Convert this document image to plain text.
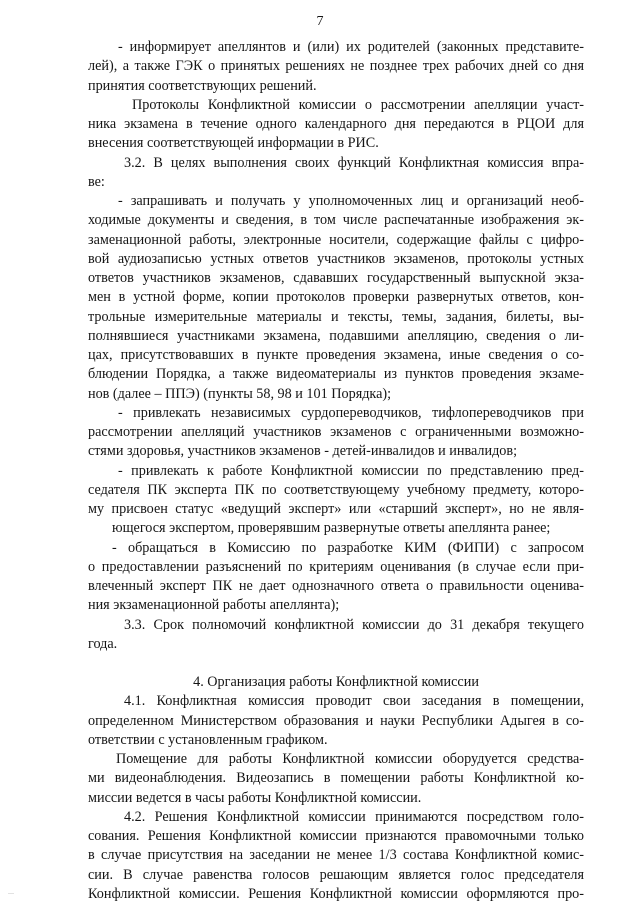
7
- информирует апеллянтов и (или) их родителей (законных представите-
лей), а также ГЭК о принятых решениях не позднее трех рабочих дней со дня
принятия соответствующих решений.
Протоколы Конфликтной комиссии о рассмотрении апелляции участ-
ника экзамена в течение одного календарного дня передаются в РЦОИ для
внесения соответствующей информации в РИС.
3.2. В целях выполнения своих функций Конфликтная комиссия впра-
ве:
- запрашивать и получать у уполномоченных лиц и организаций необ-
ходимые документы и сведения, в том числе распечатанные изображения эк-
заменационной работы, электронные носители, содержащие файлы с цифро-
вой аудиозаписью устных ответов участников экзаменов, протоколы устных
ответов участников экзаменов, сдававших государственный выпускной экза-
мен в устной форме, копии протоколов проверки развернутых ответов, кон-
трольные измерительные материалы и тексты, темы, задания, билеты, вы-
полнявшиеся участниками экзамена, подавшими апелляцию, сведения о ли-
цах, присутствовавших в пункте проведения экзамена, иные сведения о со-
блюдении Порядка, а также видеоматериалы из пунктов проведения экзаме-
нов (далее – ППЭ) (пункты 58, 98 и 101 Порядка);
- привлекать независимых сурдопереводчиков, тифлопереводчиков при
рассмотрении апелляций участников экзаменов с ограниченными возможно-
стями здоровья, участников экзаменов - детей-инвалидов и инвалидов;
- привлекать к работе Конфликтной комиссии по представлению пред-
седателя ПК эксперта ПК по соответствующему учебному предмету, которо-
му присвоен статус «ведущий эксперт» или «старший эксперт», но не явля-
ющегося экспертом, проверявшим развернутые ответы апеллянта ранее;
- обращаться в Комиссию по разработке КИМ (ФИПИ) с запросом
о предоставлении разъяснений по критериям оценивания (в случае если при-
влеченный эксперт ПК не дает однозначного ответа о правильности оценива-
ния экзаменационной работы апеллянта);
3.3. Срок полномочий конфликтной комиссии до 31 декабря текущего
года.
4. Организация работы Конфликтной комиссии
4.1. Конфликтная комиссия проводит свои заседания в помещении,
определенном Министерством образования и науки Республики Адыгея в со-
ответствии с установленным графиком.
Помещение для работы Конфликтной комиссии оборудуется средства-
ми видеонаблюдения. Видеозапись в помещении работы Конфликтной ко-
миссии ведется в часы работы Конфликтной комиссии.
4.2. Решения Конфликтной комиссии принимаются посредством голо-
сования. Решения Конфликтной комиссии признаются правомочными только
в случае присутствия на заседании не менее 1/3 состава Конфликтной комис-
сии. В случае равенства голосов решающим является голос председателя
Конфликтной комиссии. Решения Конфликтной комиссии оформляются про-
...
